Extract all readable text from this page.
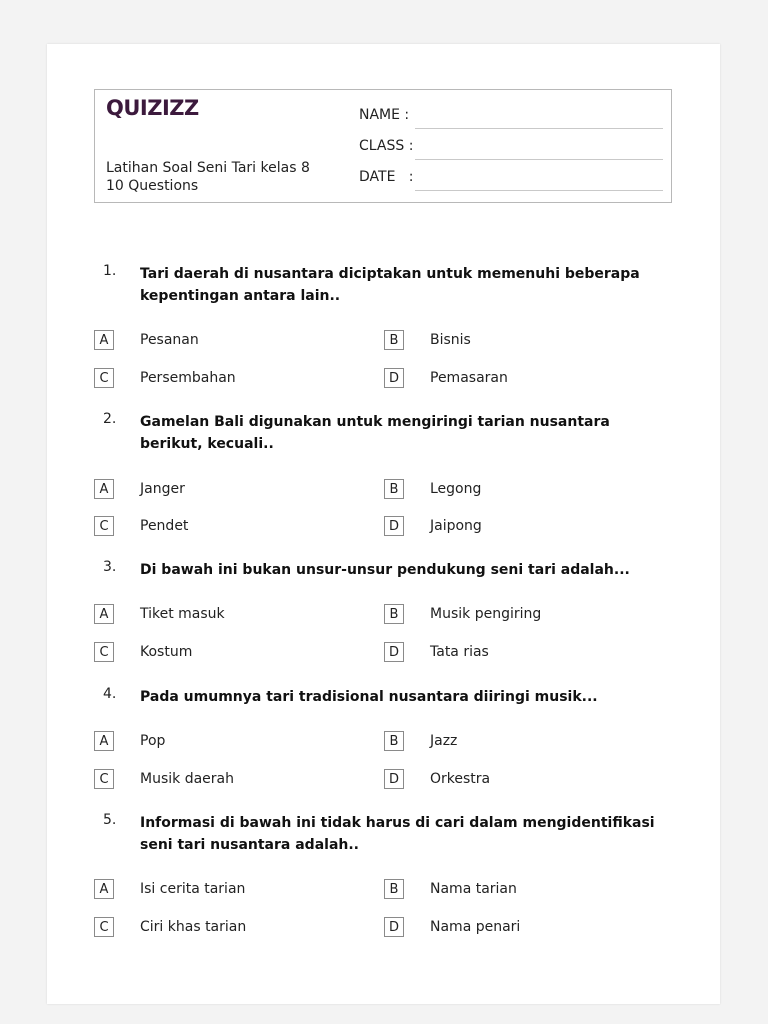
QUIZIZZ
Latihan Soal Seni Tari kelas 8
10 Questions
NAME :
CLASS :
DATE   :
1.	Tari daerah di nusantara diciptakan untuk memenuhi beberapa kepentingan antara lain..
A	Pesanan	B	Bisnis
C	Persembahan	D	Pemasaran
2.	Gamelan Bali digunakan untuk mengiringi tarian nusantara berikut, kecuali..
A	Janger	B	Legong
C	Pendet	D	Jaipong
3.	Di bawah ini bukan unsur-unsur pendukung seni tari adalah...
A	Tiket masuk	B	Musik pengiring
C	Kostum	D	Tata rias
4.	Pada umumnya tari tradisional nusantara diiringi musik...
A	Pop	B	Jazz
C	Musik daerah	D	Orkestra
5.	Informasi di bawah ini tidak harus di cari dalam mengidentifikasi seni tari nusantara adalah..
A	Isi cerita tarian	B	Nama tarian
C	Ciri khas tarian	D	Nama penari
